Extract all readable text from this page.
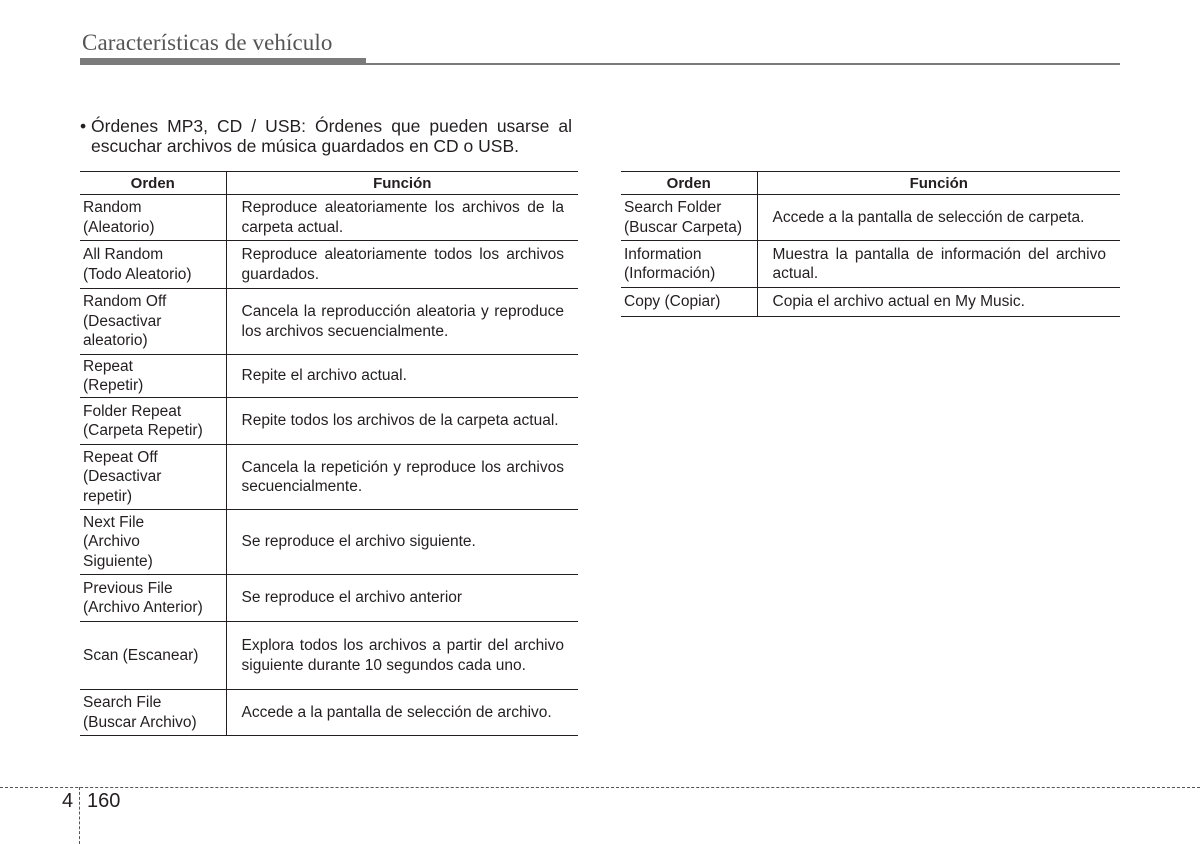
Características de vehículo
• Órdenes MP3, CD / USB: Órdenes que pueden usarse al escuchar archivos de música guardados en CD o USB.
Orden	Función
Random
(Aleatorio)	Reproduce aleatoriamente los archivos de la carpeta actual.
All Random
(Todo Aleatorio)	Reproduce aleatoriamente todos los archivos guardados.
Random Off
(Desactivar
aleatorio)	Cancela la reproducción aleatoria y reproduce los archivos secuencialmente.
Repeat
(Repetir)	Repite el archivo actual.
Folder Repeat
(Carpeta Repetir)	Repite todos los archivos de la carpeta actual.
Repeat Off
(Desactivar
repetir)	Cancela la repetición y reproduce los archivos secuencialmente.
Next File
(Archivo
Siguiente)	Se reproduce el archivo siguiente.
Previous File
(Archivo Anterior)	Se reproduce el archivo anterior
Scan (Escanear)	Explora todos los archivos a partir del archivo siguiente durante 10 segundos cada uno.
Search File
(Buscar Archivo)	Accede a la pantalla de selección de archivo.
Orden	Función
Search Folder
(Buscar Carpeta)	Accede a la pantalla de selección de carpeta.
Information
(Información)	Muestra la pantalla de información del archivo actual.
Copy (Copiar)	Copia el archivo actual en My Music.
4 160
